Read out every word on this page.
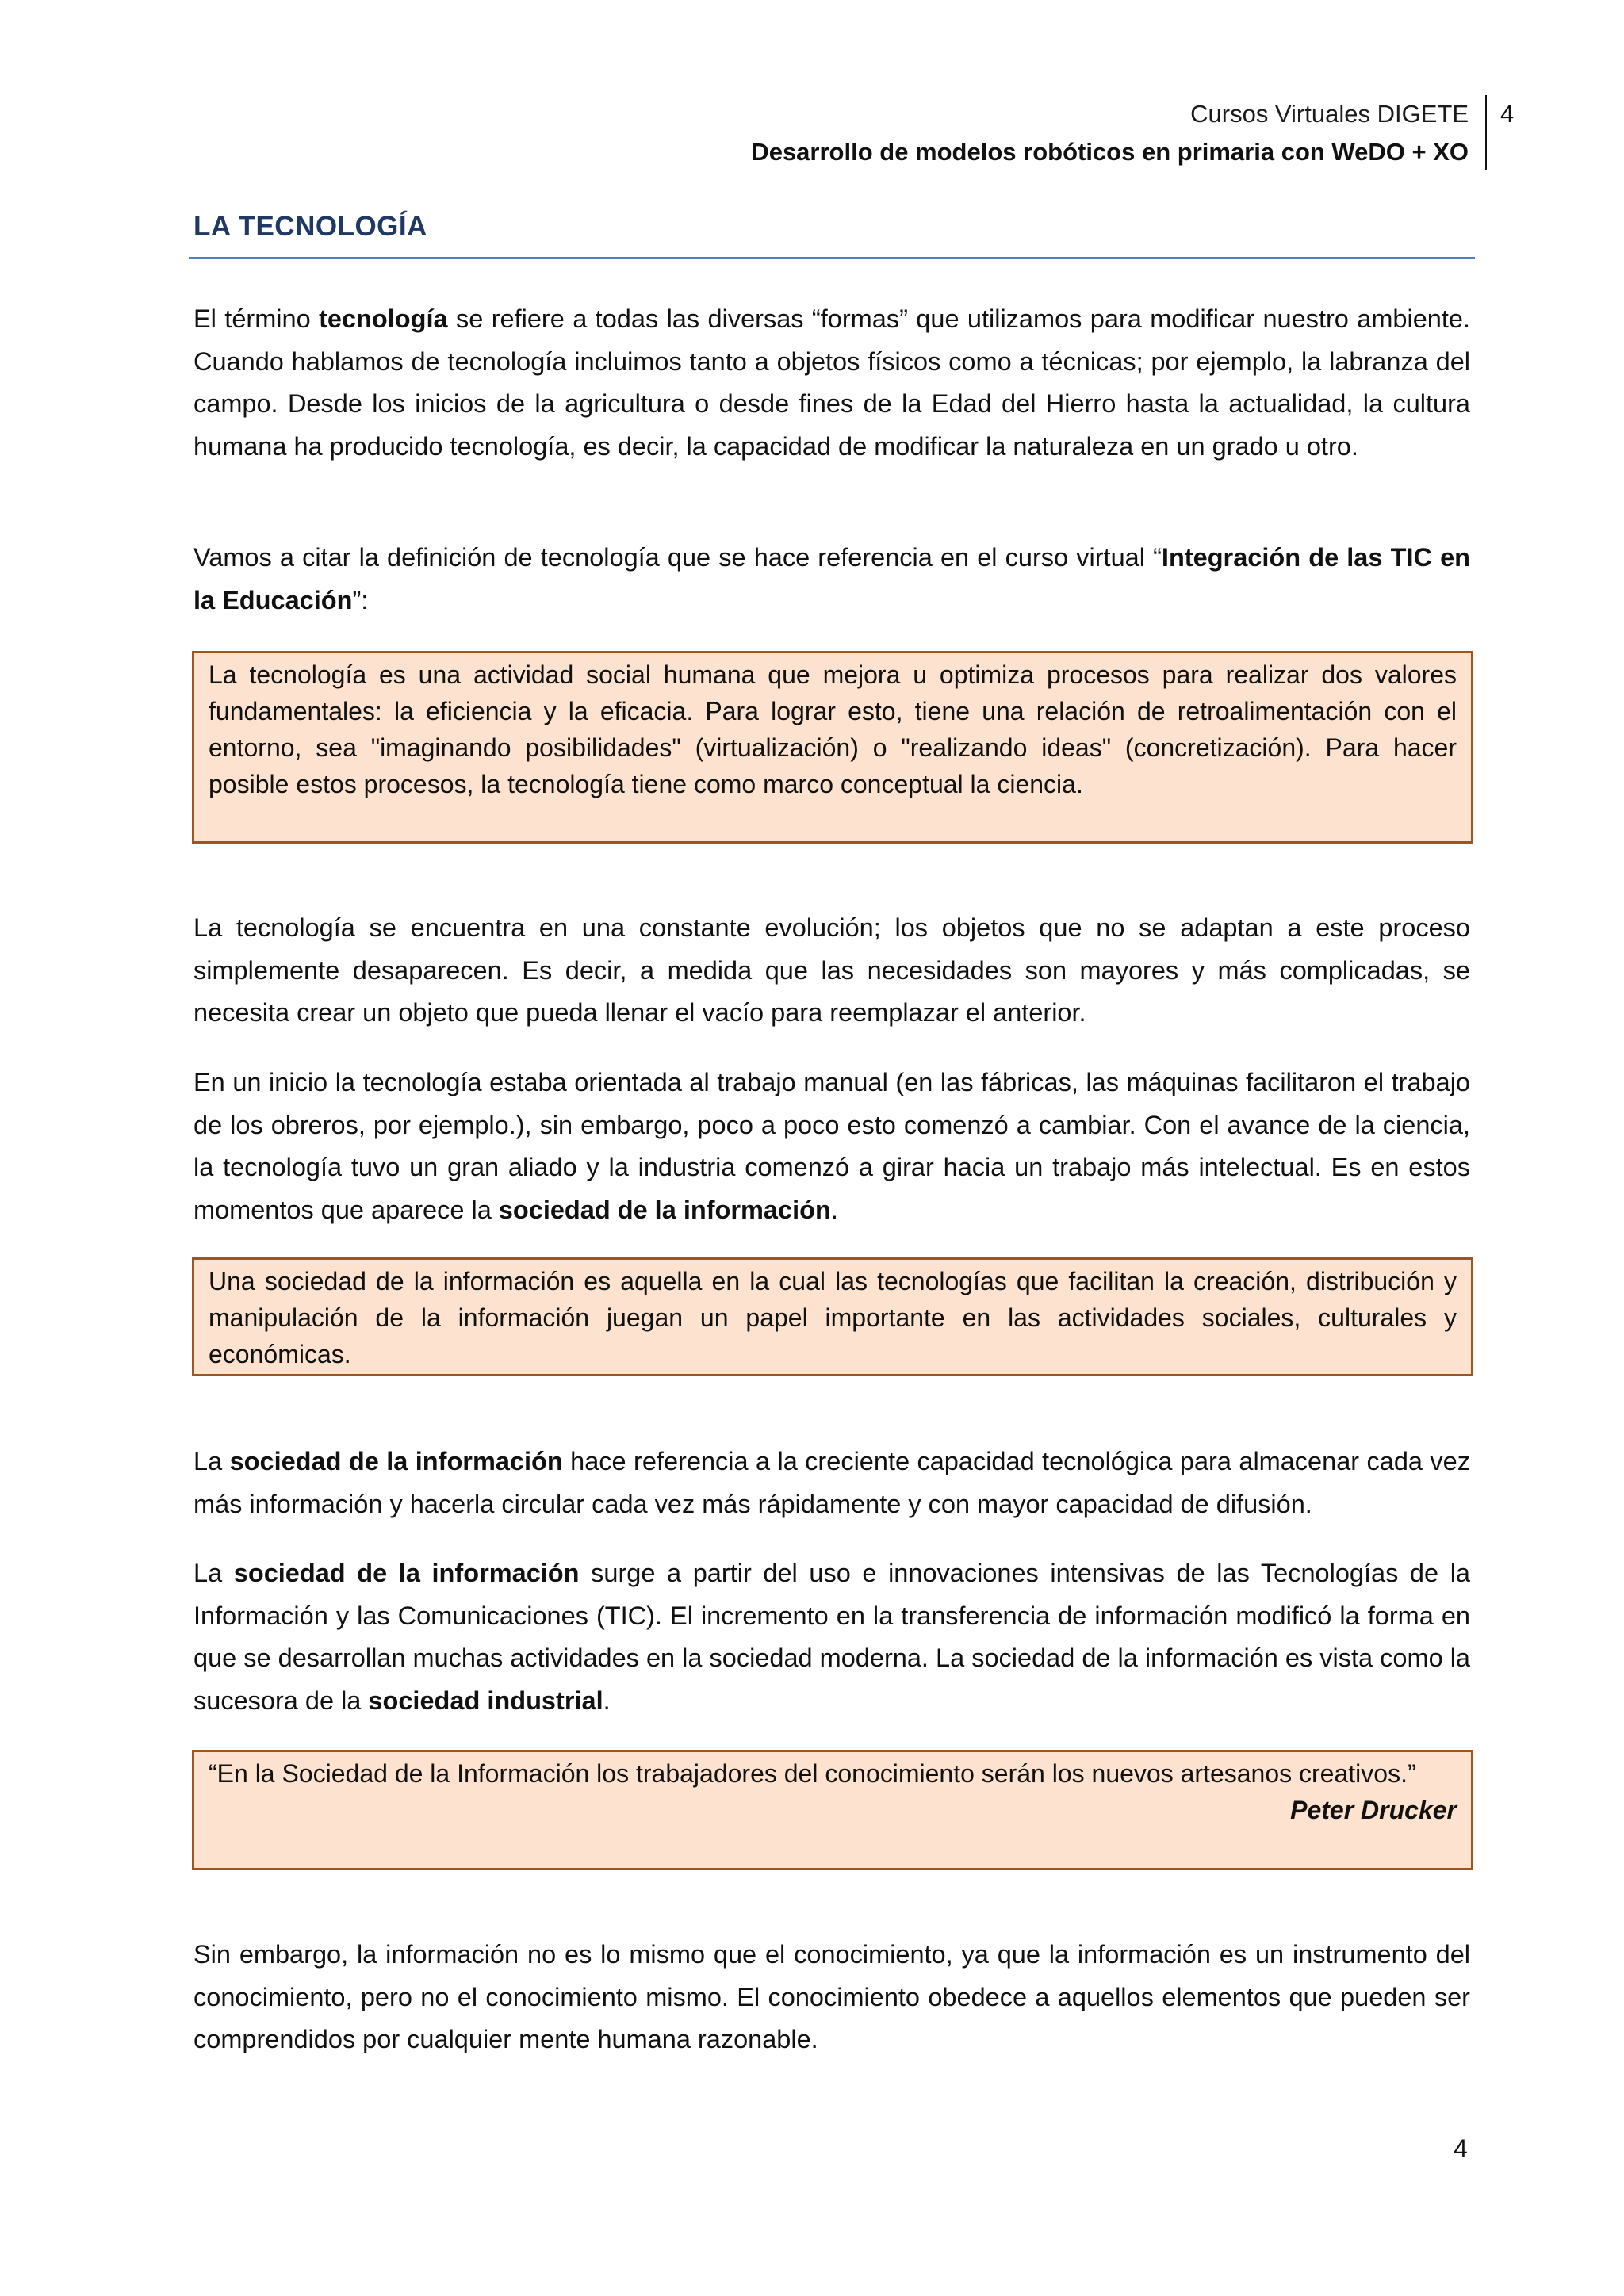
Cursos Virtuales DIGETE
Desarrollo de modelos robóticos en primaria con WeDO + XO
4
LA TECNOLOGÍA

El término tecnología se refiere a todas las diversas “formas” que utilizamos para modificar nuestro ambiente. Cuando hablamos de tecnología incluimos tanto a objetos físicos como a técnicas; por ejemplo, la labranza del campo. Desde los inicios de la agricultura o desde fines de la Edad del Hierro hasta la actualidad, la cultura humana ha producido tecnología, es decir, la capacidad de modificar la naturaleza en un grado u otro.

Vamos a citar la definición de tecnología que se hace referencia en el curso virtual “Integración de las TIC en la Educación”:

La tecnología es una actividad social humana que mejora u optimiza procesos para realizar dos valores fundamentales: la eficiencia y la eficacia. Para lograr esto, tiene una relación de retroalimentación con el entorno, sea "imaginando posibilidades" (virtualización) o "realizando ideas" (concretización). Para hacer posible estos procesos, la tecnología tiene como marco conceptual la ciencia.

La tecnología se encuentra en una constante evolución; los objetos que no se adaptan a este proceso simplemente desaparecen. Es decir, a medida que las necesidades son mayores y más complicadas, se necesita crear un objeto que pueda llenar el vacío para reemplazar el anterior.

En un inicio la tecnología estaba orientada al trabajo manual (en las fábricas, las máquinas facilitaron el trabajo de los obreros, por ejemplo.), sin embargo, poco a poco esto comenzó a cambiar. Con el avance de la ciencia, la tecnología tuvo un gran aliado y la industria comenzó a girar hacia un trabajo más intelectual. Es en estos momentos que aparece la sociedad de la información.

Una sociedad de la información es aquella en la cual las tecnologías que facilitan la creación, distribución y manipulación de la información juegan un papel importante en las actividades sociales, culturales y económicas.

La sociedad de la información hace referencia a la creciente capacidad tecnológica para almacenar cada vez más información y hacerla circular cada vez más rápidamente y con mayor capacidad de difusión.

La sociedad de la información surge a partir del uso e innovaciones intensivas de las Tecnologías de la Información y las Comunicaciones (TIC). El incremento en la transferencia de información modificó la forma en que se desarrollan muchas actividades en la sociedad moderna. La sociedad de la información es vista como la sucesora de la sociedad industrial.

“En la Sociedad de la Información los trabajadores del conocimiento serán los nuevos artesanos creativos.”

Peter Drucker

Sin embargo, la información no es lo mismo que el conocimiento, ya que la información es un instrumento del conocimiento, pero no el conocimiento mismo. El conocimiento obedece a aquellos elementos que pueden ser comprendidos por cualquier mente humana razonable.

4
